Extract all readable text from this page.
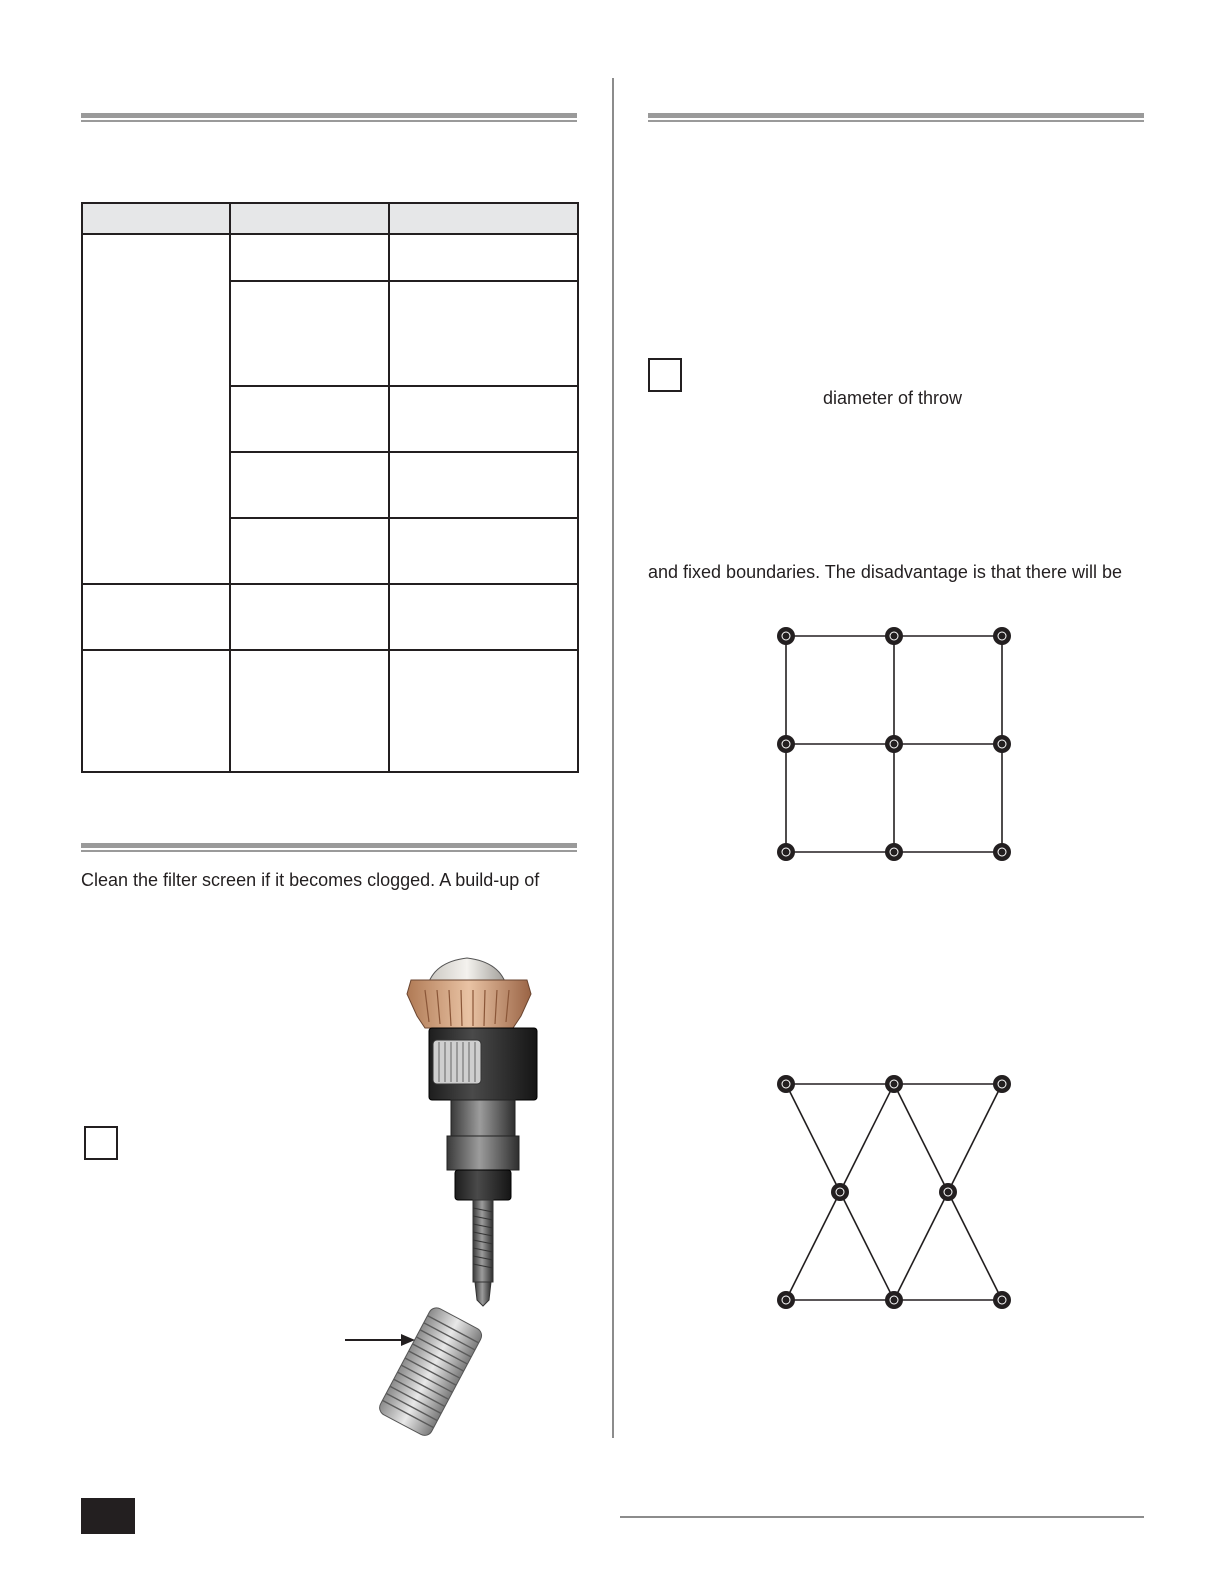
Clean the filter screen if it becomes clogged. A build-up of
diameter of throw
and fixed boundaries. The disadvantage is that there will be
